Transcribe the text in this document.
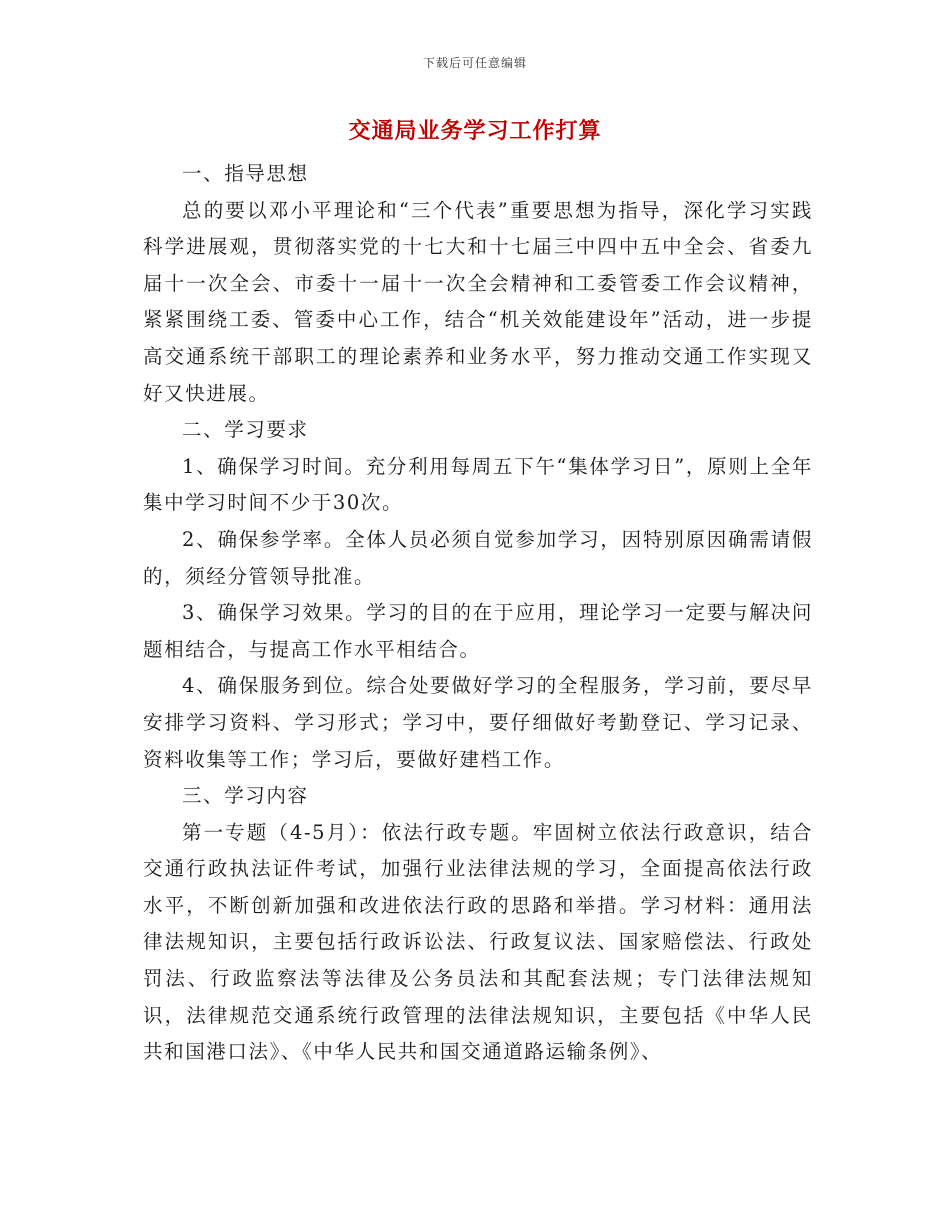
下载后可任意编辑
交通局业务学习工作打算

一、指导思想

总的要以邓小平理论和“三个代表”重要思想为指导，深化学习实践科学进展观，贯彻落实党的十七大和十七届三中四中五中全会、省委九届十一次全会、市委十一届十一次全会精神和工委管委工作会议精神，紧紧围绕工委、管委中心工作，结合“机关效能建设年”活动，进一步提高交通系统干部职工的理论素养和业务水平，努力推动交通工作实现又好又快进展。

二、学习要求

1、确保学习时间。充分利用每周五下午“集体学习日”，原则上全年集中学习时间不少于30次。

2、确保参学率。全体人员必须自觉参加学习，因特别原因确需请假的，须经分管领导批准。

3、确保学习效果。学习的目的在于应用，理论学习一定要与解决问题相结合，与提高工作水平相结合。

4、确保服务到位。综合处要做好学习的全程服务，学习前，要尽早安排学习资料、学习形式；学习中，要仔细做好考勤登记、学习记录、资料收集等工作；学习后，要做好建档工作。

三、学习内容

第一专题（4-5月）：依法行政专题。牢固树立依法行政意识，结合交通行政执法证件考试，加强行业法律法规的学习，全面提高依法行政水平，不断创新加强和改进依法行政的思路和举措。学习材料：通用法律法规知识，主要包括行政诉讼法、行政复议法、国家赔偿法、行政处罚法、行政监察法等法律及公务员法和其配套法规；专门法律法规知识，法律规范交通系统行政管理的法律法规知识，主要包括《中华人民共和国港口法》、《中华人民共和国交通道路运输条例》、
